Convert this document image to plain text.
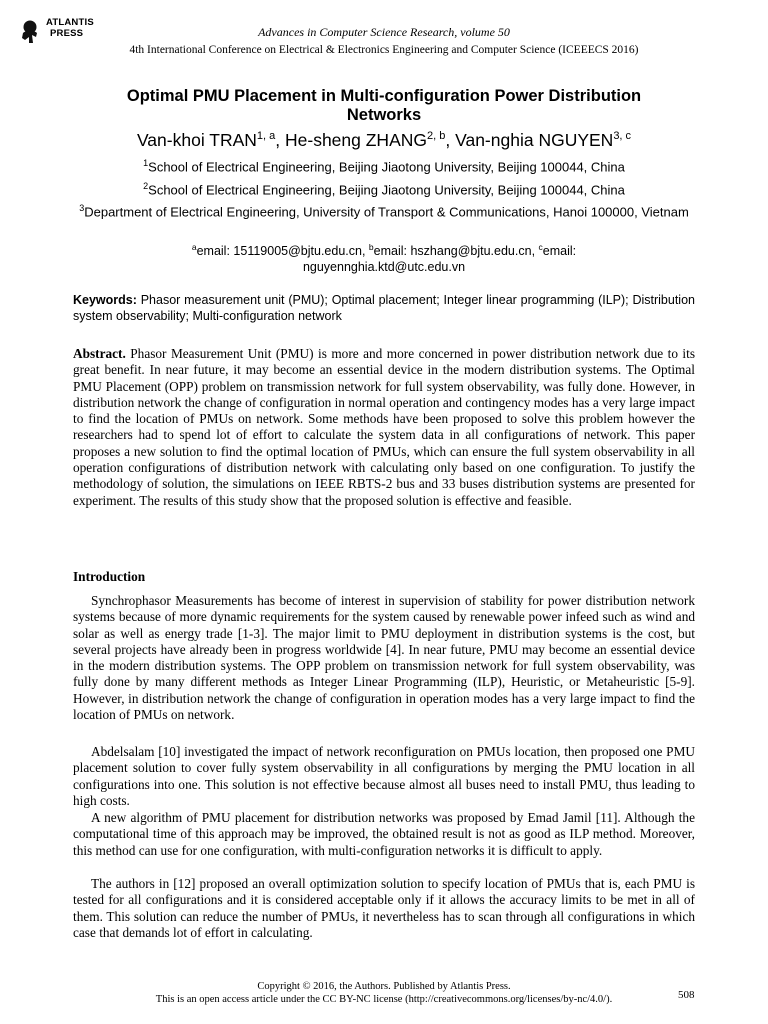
ATLANTIS
PRESS	Advances in Computer Science Research, volume 50
4th International Conference on Electrical & Electronics Engineering and Computer Science (ICEEECS 2016)
Optimal PMU Placement in Multi-configuration Power Distribution Networks
Van-khoi TRAN$^{1, a}$, He-sheng ZHANG$^{2, b}$, Van-nghia NGUYEN$^{3, c}$
$^1$School of Electrical Engineering, Beijing Jiaotong University, Beijing 100044, China
$^2$School of Electrical Engineering, Beijing Jiaotong University, Beijing 100044, China
$^3$Department of Electrical Engineering, University of Transport & Communications, Hanoi 100000, Vietnam
$^a$email: 15119005@bjtu.edu.cn, $^b$email: hszhang@bjtu.edu.cn, $^c$email: nguyennghia.ktd@utc.edu.vn
Keywords: Phasor measurement unit (PMU); Optimal placement; Integer linear programming (ILP); Distribution system observability; Multi-configuration network
Abstract. Phasor Measurement Unit (PMU) is more and more concerned in power distribution network due to its great benefit. In near future, it may become an essential device in the modern distribution systems. The Optimal PMU Placement (OPP) problem on transmission network for full system observability, was fully done. However, in distribution network the change of configuration in normal operation and contingency modes has a very large impact to find the location of PMUs on network. Some methods have been proposed to solve this problem however the researchers had to spend lot of effort to calculate the system data in all configurations of network. This paper proposes a new solution to find the optimal location of PMUs, which can ensure the full system observability in all operation configurations of distribution network with calculating only based on one configuration. To justify the methodology of solution, the simulations on IEEE RBTS-2 bus and 33 buses distribution systems are presented for experiment. The results of this study show that the proposed solution is effective and feasible.
Introduction
Synchrophasor Measurements has become of interest in supervision of stability for power distribution network systems because of more dynamic requirements for the system caused by renewable power infeed such as wind and solar as well as energy trade [1-3]. The major limit to PMU deployment in distribution systems is the cost, but several projects have already been in progress worldwide [4]. In near future, PMU may become an essential device in the modern distribution systems. The OPP problem on transmission network for full system observability, was fully done by many different methods as Integer Linear Programming (ILP), Heuristic, or Metaheuristic [5-9]. However, in distribution network the change of configuration in operation modes has a very large impact to find the location of PMUs on network.
Abdelsalam [10] investigated the impact of network reconfiguration on PMUs location, then proposed one PMU placement solution to cover fully system observability in all configurations by merging the PMU location in all configurations into one. This solution is not effective because almost all buses need to install PMU, thus leading to high costs.
A new algorithm of PMU placement for distribution networks was proposed by Emad Jamil [11]. Although the computational time of this approach may be improved, the obtained result is not as good as ILP method. Moreover, this method can use for one configuration, with multi-configuration networks it is difficult to apply.
The authors in [12] proposed an overall optimization solution to specify location of PMUs that is, each PMU is tested for all configurations and it is considered acceptable only if it allows the accuracy limits to be met in all of them. This solution can reduce the number of PMUs, it nevertheless has to scan through all configurations in which case that demands lot of effort in calculating.
Copyright © 2016, the Authors. Published by Atlantis Press.
This is an open access article under the CC BY-NC license (http://creativecommons.org/licenses/by-nc/4.0/).	508
